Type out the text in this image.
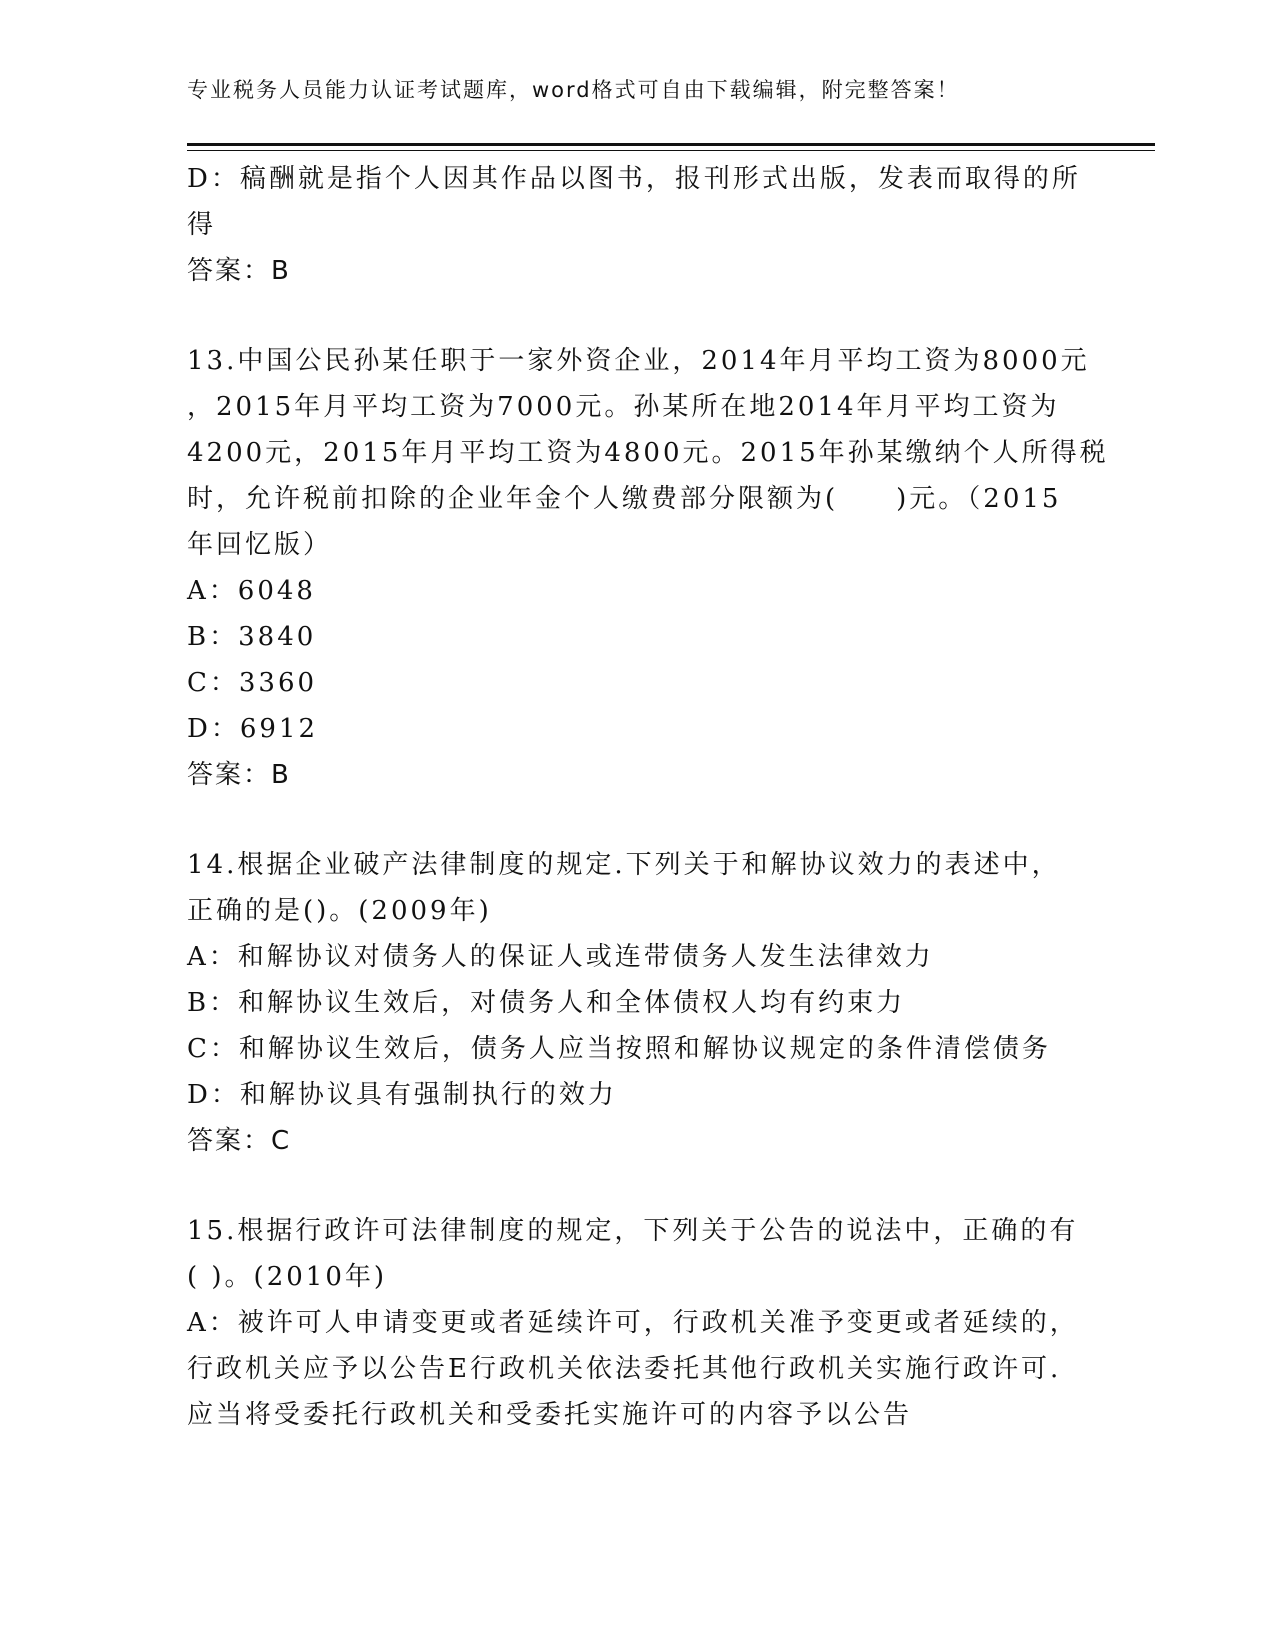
专业税务人员能力认证考试题库，word格式可自由下载编辑，附完整答案！
D：稿酬就是指个人因其作品以图书，报刊形式出版，发表而取得的所
得
答案：B
13.中国公民孙某任职于一家外资企业，2014年月平均工资为8000元
，2015年月平均工资为7000元。孙某所在地2014年月平均工资为
4200元，2015年月平均工资为4800元。2015年孙某缴纳个人所得税
时，允许税前扣除的企业年金个人缴费部分限额为(　　)元。（2015
年回忆版）
A：6048
B：3840
C：3360
D：6912
答案：B
14.根据企业破产法律制度的规定.下列关于和解协议效力的表述中，
正确的是()。(2009年)
A：和解协议对债务人的保证人或连带债务人发生法律效力
B：和解协议生效后，对债务人和全体债权人均有约束力
C：和解协议生效后，债务人应当按照和解协议规定的条件清偿债务
D：和解协议具有强制执行的效力
答案：C
15.根据行政许可法律制度的规定，下列关于公告的说法中，正确的有
( )。(2010年)
A：被许可人申请变更或者延续许可，行政机关准予变更或者延续的，
行政机关应予以公告E行政机关依法委托其他行政机关实施行政许可.
应当将受委托行政机关和受委托实施许可的内容予以公告
